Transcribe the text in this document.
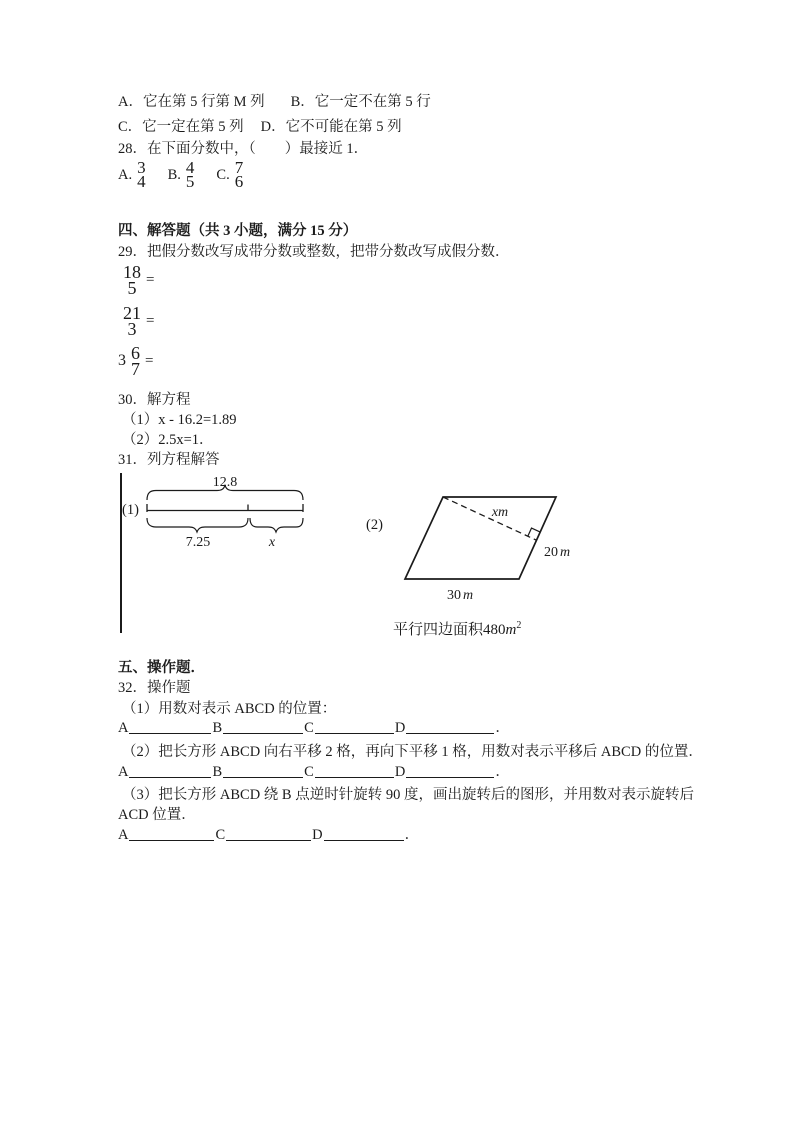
A．它在第 5 行第 M 列 B．它一定不在第 5 行
C．它一定在第 5 列 D．它不可能在第 5 列
28．在下面分数中，（　　）最接近 1．
A. 3
4 B. 4
5 C. 7
6
四、解答题（共 3 小题，满分 15 分）
29．把假分数改写成带分数或整数，把带分数改写成假分数．
18
5 =
21
3 =
3 6
7 =
30．解方程
（1）x - 16.2=1.89
（2）2.5x=1．
31．列方程解答
(1)
12.8
7.25	x
(2)
xm
20 m
30 m
平行四边面积$480m^2$
五、操作题．
32．操作题
（1）用数对表示 ABCD 的位置：
A	B	C	D	．
（2）把长方形 ABCD 向右平移 2 格，再向下平移 1 格，用数对表示平移后 ABCD 的位置．
A	B	C	D	．
（3）把长方形 ABCD 绕 B 点逆时针旋转 90 度，画出旋转后的图形，并用数对表示旋转后
ACD 位置．
A	C	D	．
